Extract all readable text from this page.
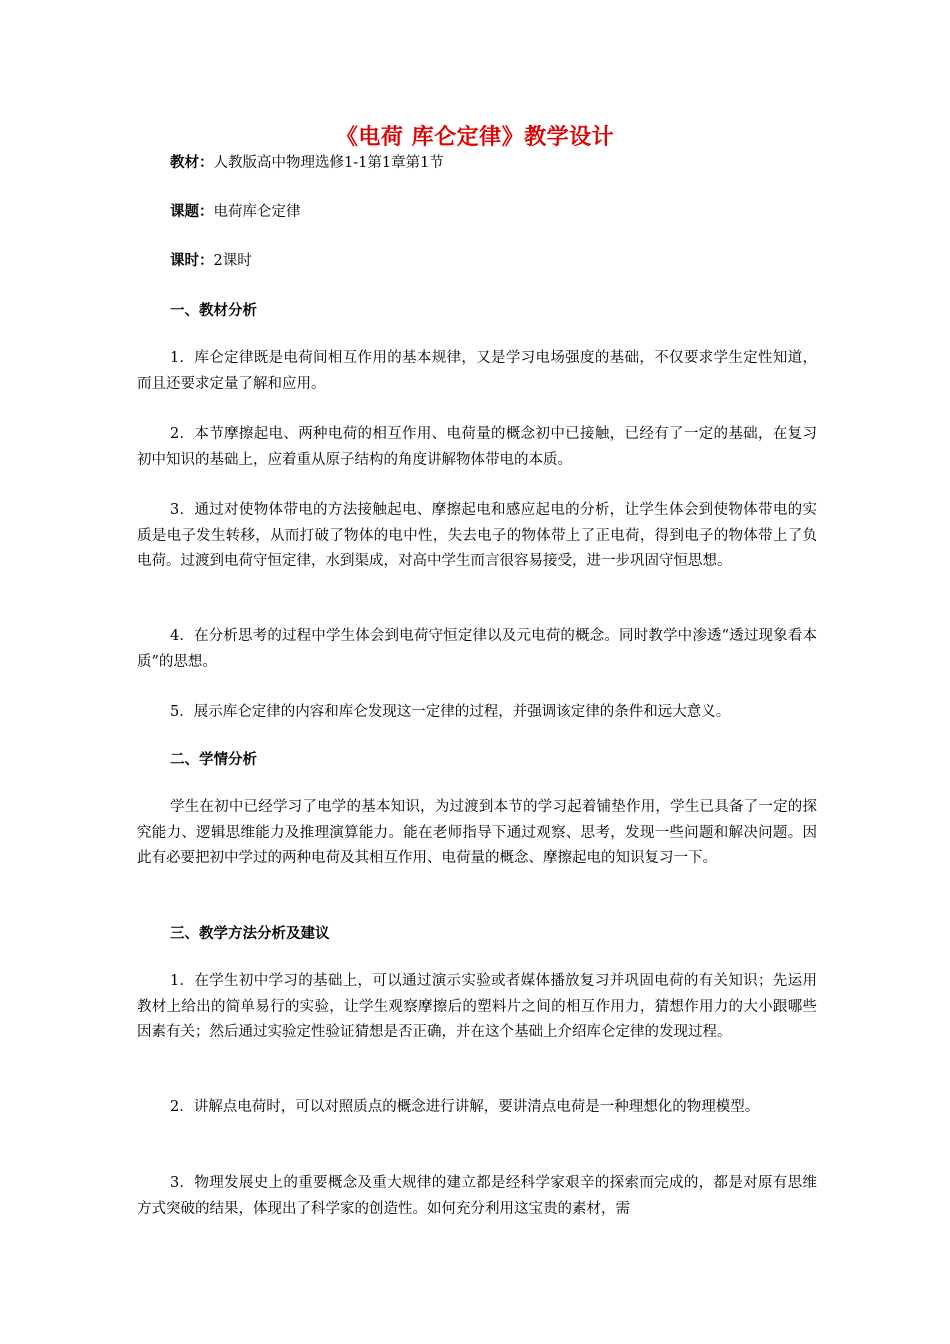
《电荷 库仑定律》教学设计
教材：人教版高中物理选修1-1第1章第1节
课题：电荷库仑定律
课时：2课时
一、教材分析
1．库仑定律既是电荷间相互作用的基本规律，又是学习电场强度的基础，不仅要求学生定性知道，而且还要求定量了解和应用。
2．本节摩擦起电、两种电荷的相互作用、电荷量的概念初中已接触，已经有了一定的基础，在复习初中知识的基础上，应着重从原子结构的角度讲解物体带电的本质。
3．通过对使物体带电的方法接触起电、摩擦起电和感应起电的分析，让学生体会到使物体带电的实质是电子发生转移，从而打破了物体的电中性，失去电子的物体带上了正电荷，得到电子的物体带上了负电荷。过渡到电荷守恒定律，水到渠成，对高中学生而言很容易接受，进一步巩固守恒思想。
4．在分析思考的过程中学生体会到电荷守恒定律以及元电荷的概念。同时教学中渗透“透过现象看本质”的思想。
5．展示库仑定律的内容和库仑发现这一定律的过程，并强调该定律的条件和远大意义。
二、学情分析
学生在初中已经学习了电学的基本知识，为过渡到本节的学习起着铺垫作用，学生已具备了一定的探究能力、逻辑思维能力及推理演算能力。能在老师指导下通过观察、思考，发现一些问题和解决问题。因此有必要把初中学过的两种电荷及其相互作用、电荷量的概念、摩擦起电的知识复习一下。
三、教学方法分析及建议
1．在学生初中学习的基础上，可以通过演示实验或者媒体播放复习并巩固电荷的有关知识；先运用教材上给出的简单易行的实验，让学生观察摩擦后的塑料片之间的相互作用力，猜想作用力的大小跟哪些因素有关；然后通过实验定性验证猜想是否正确，并在这个基础上介绍库仑定律的发现过程。
2．讲解点电荷时，可以对照质点的概念进行讲解，要讲清点电荷是一种理想化的物理模型。
3．物理发展史上的重要概念及重大规律的建立都是经科学家艰辛的探索而完成的，都是对原有思维方式突破的结果，体现出了科学家的创造性。如何充分利用这宝贵的素材，需
